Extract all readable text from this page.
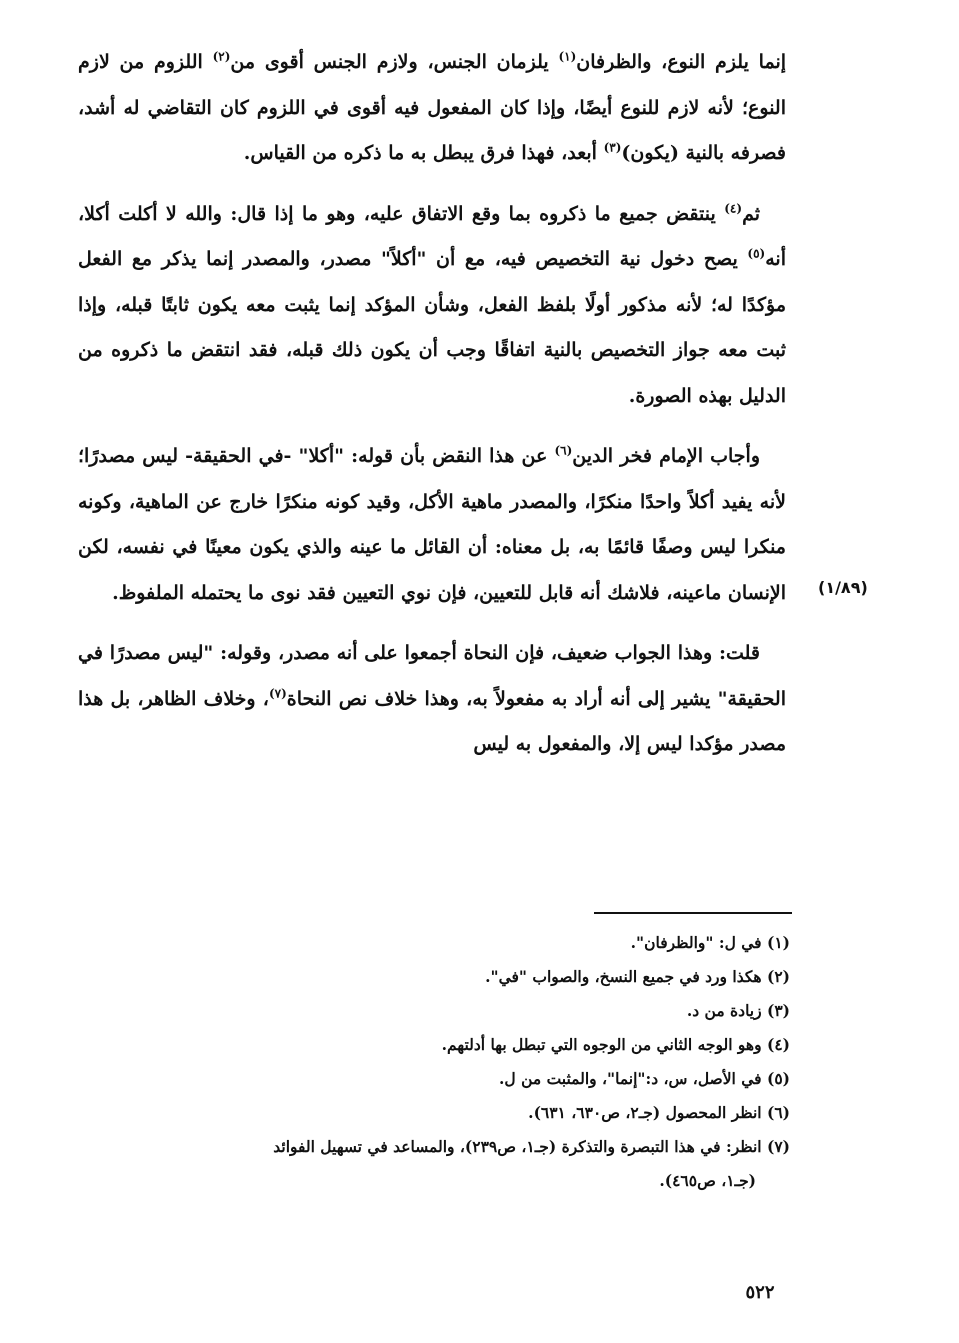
إنما يلزم النوع، والظرفان$^{(١)}$ يلزمان الجنس، ولازم الجنس أقوى من$^{(٢)}$ اللزوم من لازم النوع؛ لأنه لازم للنوع أيضًا، وإذا كان المفعول فيه أقوى في اللزوم كان التقاضي له أشد، فصرفه بالنية (يكون)$^{(٣)}$ أبعد، فهذا فرق يبطل به ما ذكره من القياس.

ثم$^{(٤)}$ ينتقض جميع ما ذكروه بما وقع الاتفاق عليه، وهو ما إذا قال: والله لا أكلت أكلا، أنه$^{(٥)}$ يصح دخول نية التخصيص فيه، مع أن "أكلاً" مصدر، والمصدر إنما يذكر مع الفعل مؤكدًا له؛ لأنه مذكور أولًا بلفظ الفعل، وشأن المؤكد إنما يثبت معه يكون ثابتًا قبله، وإذا ثبت معه جواز التخصيص بالنية اتفاقًا وجب أن يكون ذلك قبله، فقد انتقض ما ذكروه من الدليل بهذه الصورة.

وأجاب الإمام فخر الدين$^{(٦)}$ عن هذا النقض بأن قوله: "أكلا" -في الحقيقة- ليس مصدرًا؛ لأنه يفيد أكلاً واحدًا منكرًا، والمصدر ماهية الأكل، وقيد كونه منكرًا خارج عن الماهية، وكونه منكرا ليس وصفًا قائمًا به، بل معناه: أن القائل ما عينه والذي يكون معينًا في نفسه، لكن الإنسان ماعينه، فلاشك أنه قابل للتعيين، فإن نوي التعيين فقد نوى ما يحتمله الملفوظ.

قلت: وهذا الجواب ضعيف، فإن النحاة أجمعوا على أنه مصدر، وقوله: "ليس مصدرًا في الحقيقة" يشير إلى أنه أراد به مفعولاً به، وهذا خلاف نص النحاة$^{(٧)}$، وخلاف الظاهر، بل هذا مصدر مؤكدا ليس إلا، والمفعول به ليس

(١/٨٩)

(١) في ل: "والظرفان".

(٢) هكذا ورد في جميع النسخ، والصواب "في".

(٣) زيادة من د.

(٤) وهو الوجه الثاني من الوجوه التي تبطل بها أدلتهم.

(٥) في الأصل، س، د:"إنما"، والمثبت من ل.

(٦) انظر المحصول (جـ٢، ص٦٣٠، ٦٣١).

(٧) انظر: في هذا التبصرة والتذكرة (جـ١، ص٢٣٩)، والمساعد في تسهيل الفوائد

(جـ١، ص٤٦٥).

٥٢٢
